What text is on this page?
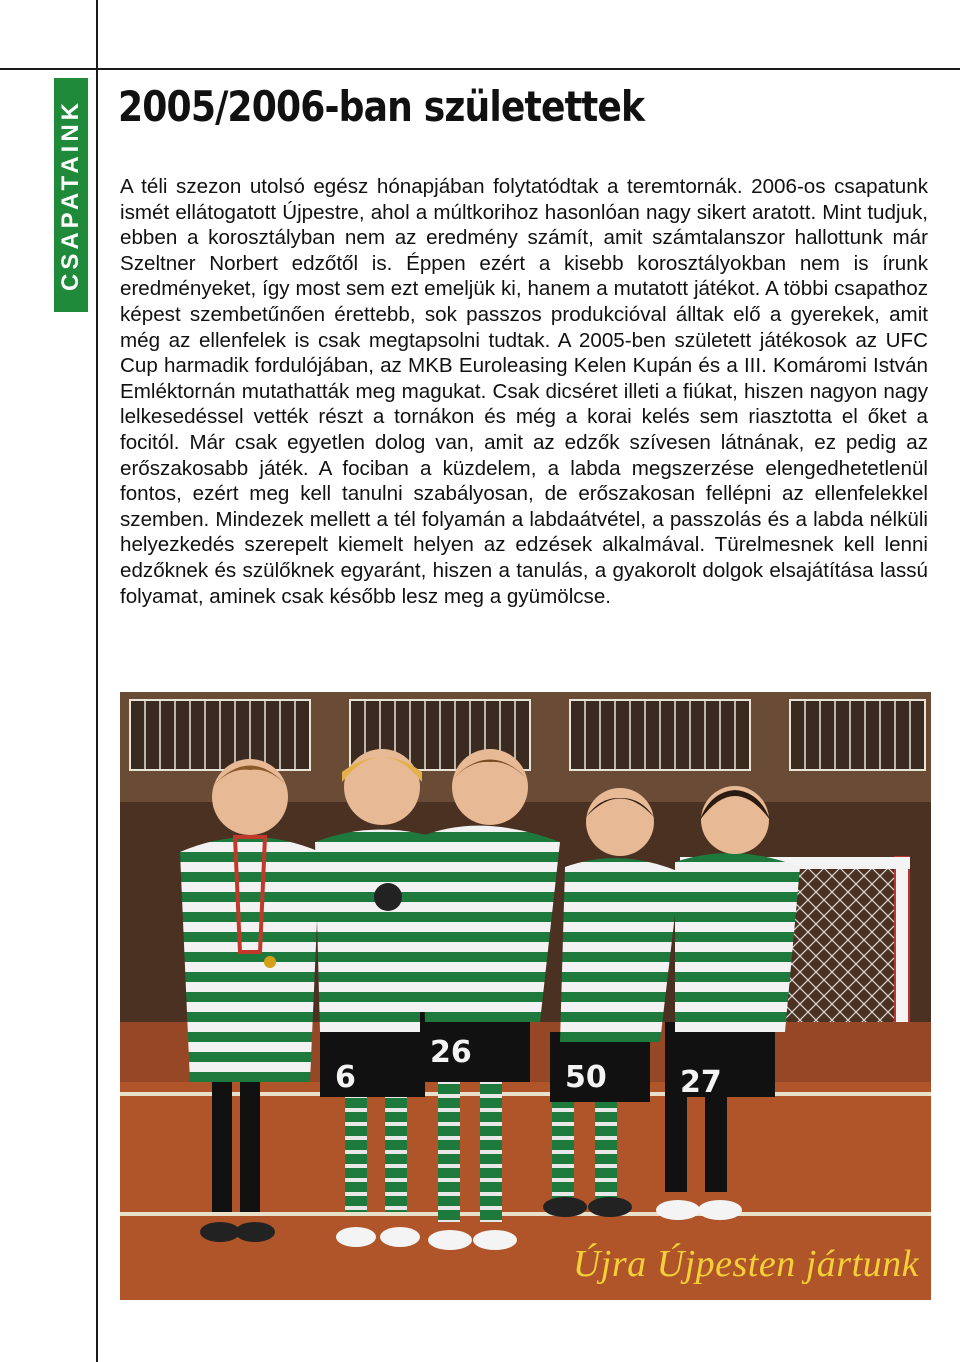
CSAPATAINK 2005/2006-ban születettek

A téli szezon utolsó egész hónapjában folytatódtak a teremtornák. 2006-os csapatunk ismét ellátogatott Újpestre, ahol a múltkorihoz hasonlóan nagy sikert aratott. Mint tudjuk, ebben a korosztályban nem az eredmény számít, amit számtalanszor hallottunk már Szeltner Norbert edzőtől is. Éppen ezért a kisebb korosztályokban nem is írunk eredményeket, így most sem ezt emeljük ki, hanem a mutatott játékot. A többi csapathoz képest szembetűnően érettebb, sok passzos produkcióval álltak elő a gyerekek, amit még az ellenfelek is csak megtapsolni tudtak. A 2005-ben született játékosok az UFC Cup harmadik fordulójában, az MKB Euroleasing Kelen Kupán és a III. Komáromi István Emléktornán mutathatták meg magukat. Csak dicséret illeti a fiúkat, hiszen nagyon nagy lelkesedéssel vették részt a tornákon és még a korai kelés sem riasztotta el őket a focitól. Már csak egyetlen dolog van, amit az edzők szívesen látnának, ez pedig az erőszakosabb játék. A fociban a küzdelem, a labda megszerzése elengedhetetlenül fontos, ezért meg kell tanulni szabályosan, de erőszakosan fellépni az ellenfelekkel szemben. Mindezek mellett a tél folyamán a labdaátvétel, a passzolás és a labda nélküli helyezkedés szerepelt kiemelt helyen az edzések alkalmával. Türelmesnek kell lenni edzőknek és szülőknek egyaránt, hiszen a tanulás, a gyakorolt dolgok elsajátítása lassú folyamat, aminek csak később lesz meg a gyümölcse.

6
26
50 27
Újra Újpesten jártunk
